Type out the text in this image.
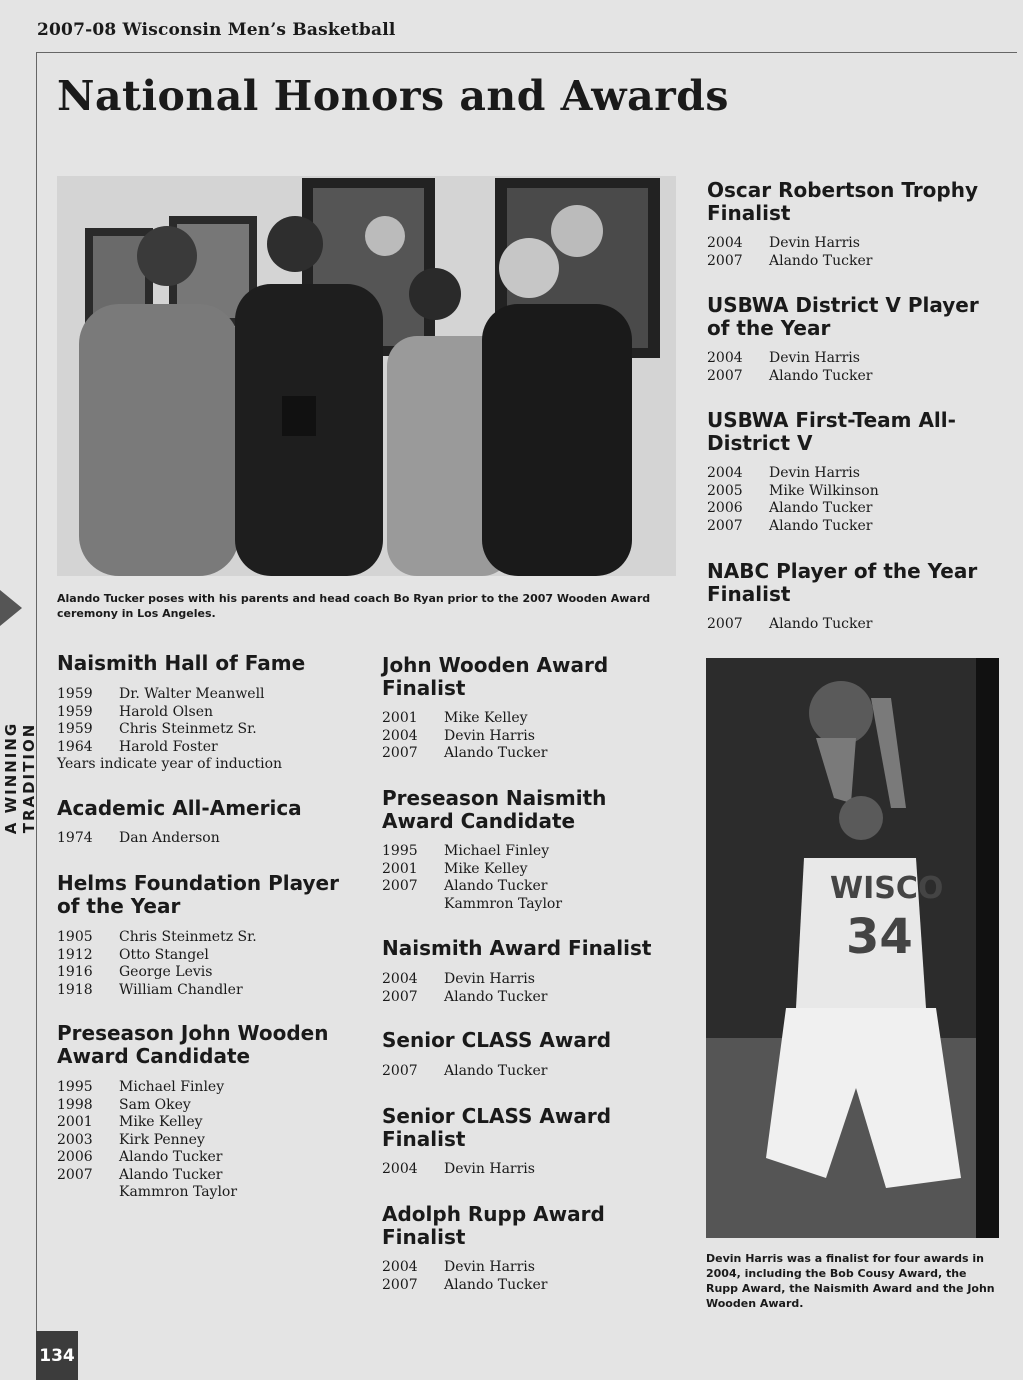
2007-08 Wisconsin Men’s Basketball
National Honors and Awards
A WINNING TRADITION
Alando Tucker poses with his parents and head coach Bo Ryan prior to the 2007 Wooden Award ceremony in Los Angeles.
WISCO
34
Devin Harris was a finalist for four awards in 2004, including the Bob Cousy Award, the Rupp Award, the Naismith Award and the John Wooden Award.
Naismith Hall of Fame
1959	Dr. Walter Meanwell
1959	Harold Olsen
1959	Chris Steinmetz Sr.
1964	Harold Foster
Years indicate year of induction
Academic All-America
1974	Dan Anderson
Helms Foundation Player of the Year
1905	Chris Steinmetz Sr.
1912	Otto Stangel
1916	George Levis
1918	William Chandler
Preseason John Wooden Award Candidate
1995	Michael Finley
1998	Sam Okey
2001	Mike Kelley
2003	Kirk Penney
2006	Alando Tucker
2007	Alando Tucker
Kammron Taylor
John Wooden Award Finalist
2001	Mike Kelley
2004	Devin Harris
2007	Alando Tucker
Preseason Naismith Award Candidate
1995	Michael Finley
2001	Mike Kelley
2007	Alando Tucker
Kammron Taylor
Naismith Award Finalist
2004	Devin Harris
2007	Alando Tucker
Senior CLASS Award
2007	Alando Tucker
Senior CLASS Award Finalist
2004	Devin Harris
Adolph Rupp Award Finalist
2004	Devin Harris
2007	Alando Tucker
Oscar Robertson Trophy Finalist
2004	Devin Harris
2007	Alando Tucker
USBWA District V Player of the Year
2004	Devin Harris
2007	Alando Tucker
USBWA First-Team All-District V
2004	Devin Harris
2005	Mike Wilkinson
2006	Alando Tucker
2007	Alando Tucker
NABC Player of the Year Finalist
2007	Alando Tucker
134
